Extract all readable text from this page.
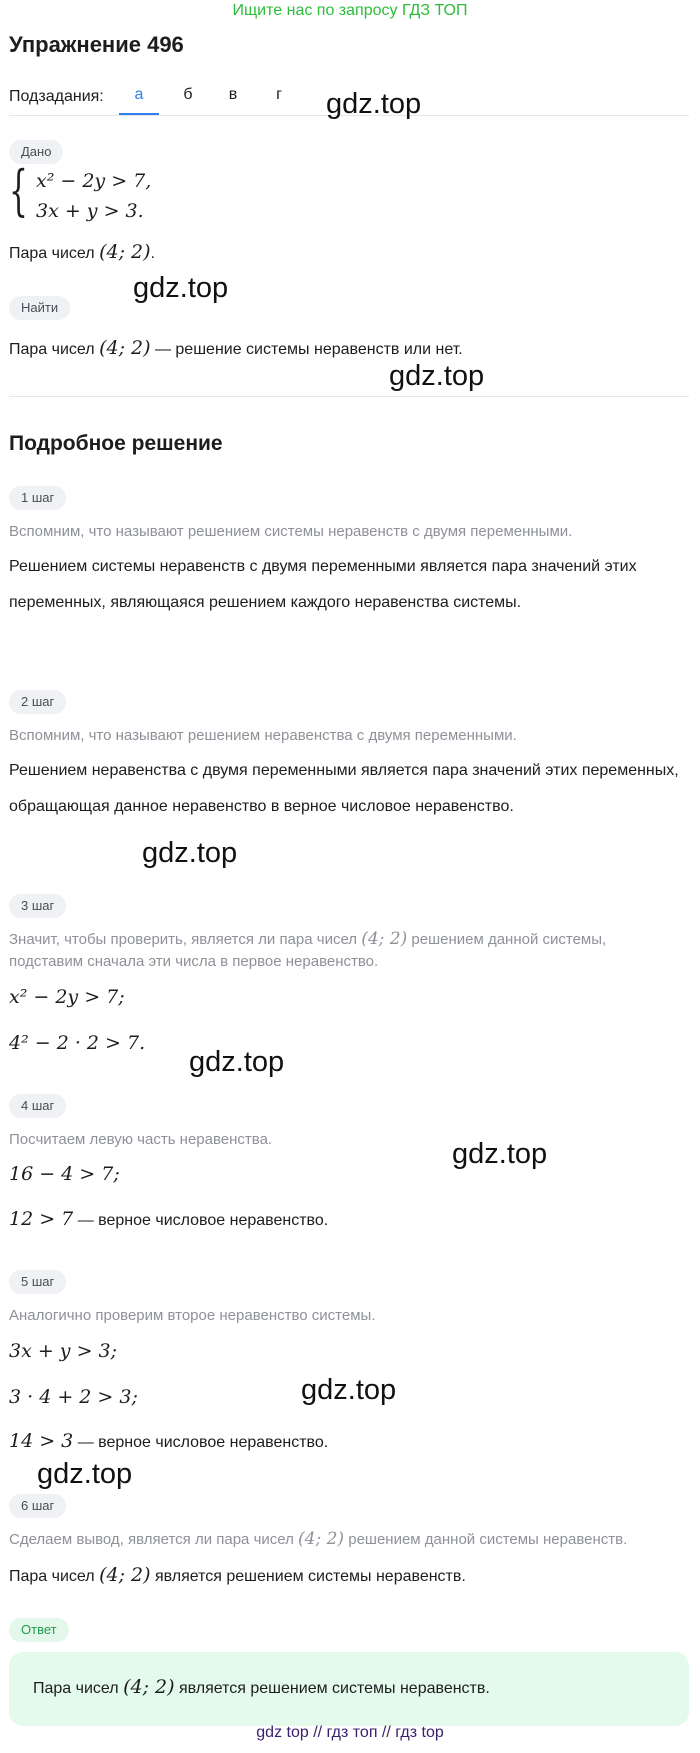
Ищите нас по запросу ГДЗ ТОП
Упражнение 496
Подзадания:	а	б	в	г	gdz.top
Дано
{ x² − 2y > 7,
3x + y > 3.
Пара чисел (4; 2).
Найти
gdz.top
Пара чисел (4; 2) — решение системы неравенств или нет.
gdz.top
Подробное решение
1 шаг
Вспомним, что называют решением системы неравенств с двумя переменными.
Решением системы неравенств с двумя переменными является пара значений этих переменных, являющаяся решением каждого неравенства системы.
2 шаг
Вспомним, что называют решением неравенства с двумя переменными.
Решением неравенства с двумя переменными является пара значений этих переменных, обращающая данное неравенство в верное числовое неравенство.
gdz.top
3 шаг
Значит, чтобы проверить, является ли пара чисел (4; 2) решением данной системы,
подставим сначала эти числа в первое неравенство.
x² − 2y > 7;
4² − 2 · 2 > 7.
gdz.top
4 шаг
Посчитаем левую часть неравенства.	gdz.top
16 − 4 > 7;
12 > 7 — верное числовое неравенство.
5 шаг
Аналогично проверим второе неравенство системы.
3x + y > 3;
3 · 4 + 2 > 3;	gdz.top
14 > 3 — верное числовое неравенство.
gdz.top
6 шаг
Сделаем вывод, является ли пара чисел (4; 2) решением данной системы неравенств.
Пара чисел (4; 2) является решением системы неравенств.
Ответ
Пара чисел (4; 2) является решением системы неравенств.
gdz top // гдз топ // гдз top
